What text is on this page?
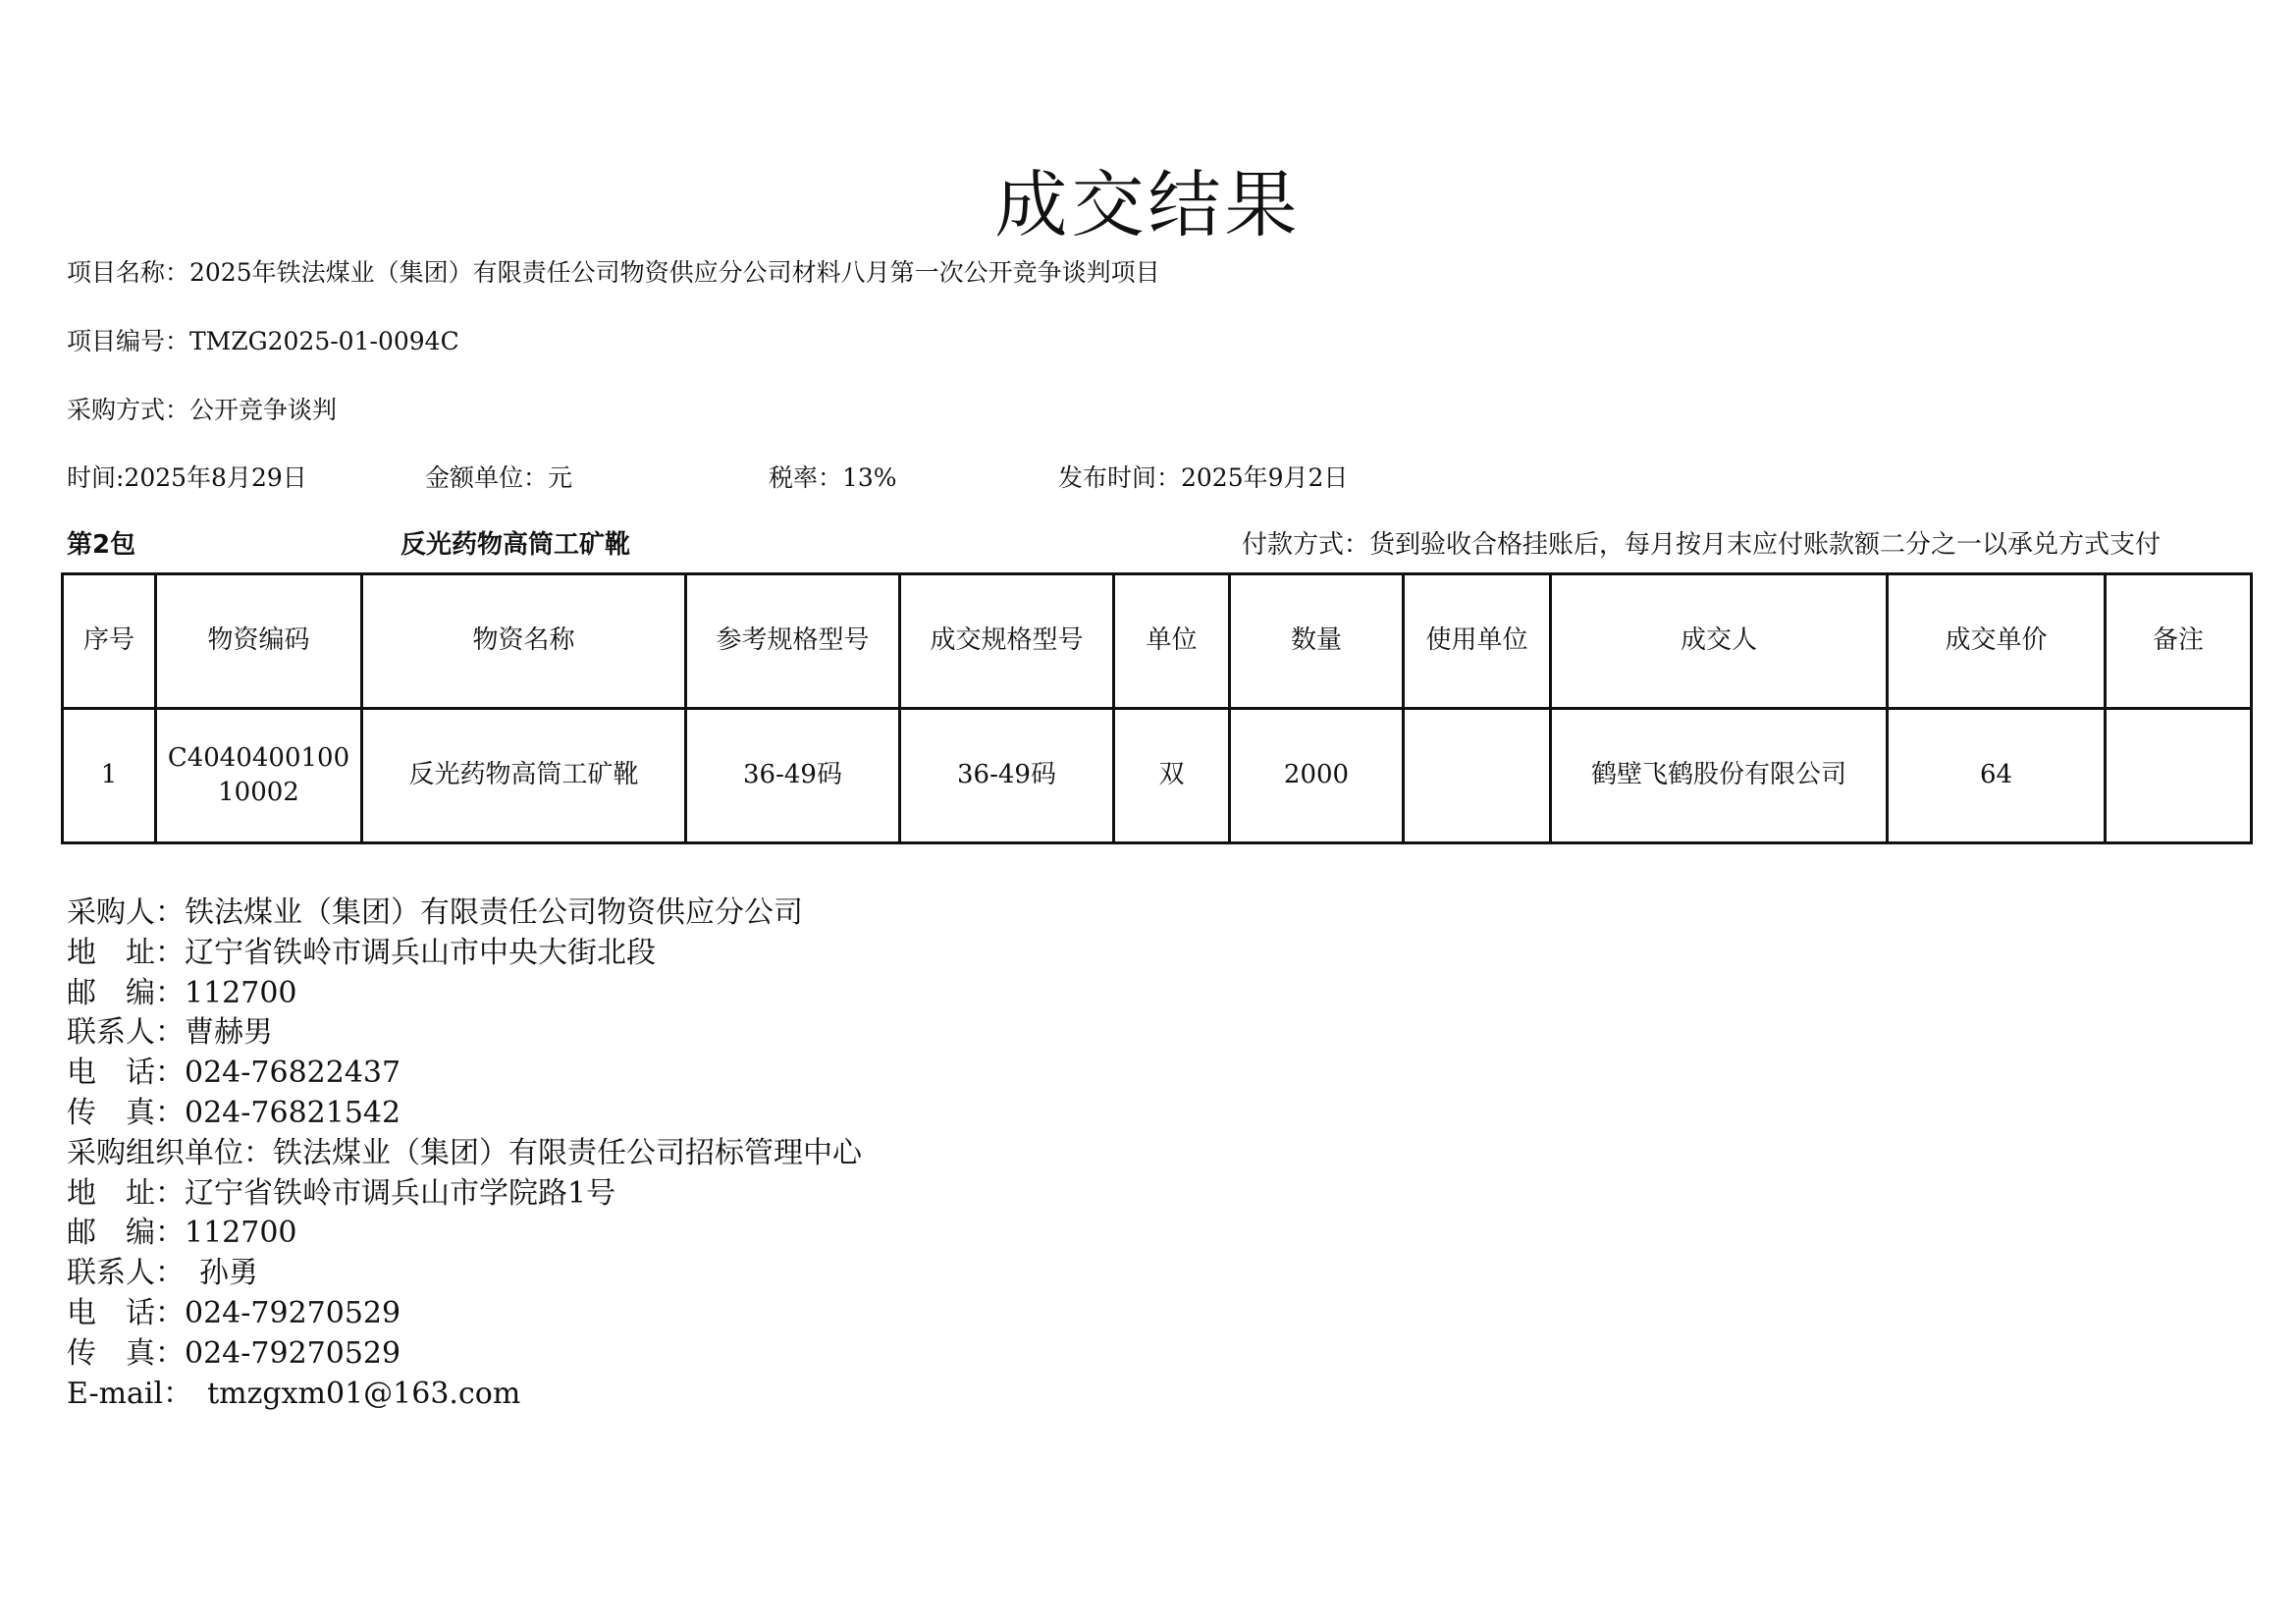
成交结果
项目名称：2025年铁法煤业（集团）有限责任公司物资供应分公司材料八月第一次公开竞争谈判项目
项目编号：TMZG2025-01-0094C
采购方式：公开竞争谈判
时间:2025年8月29日	金额单位：元	税率：13%	发布时间：2025年9月2日
第2包	反光药物高筒工矿靴	付款方式：货到验收合格挂账后，每月按月末应付账款额二分之一以承兑方式支付
序号	物资编码	物资名称	参考规格型号	成交规格型号	单位	数量	使用单位	成交人	成交单价	备注
1	C404040010010002	反光药物高筒工矿靴	36-49码	36-49码	双	2000		鹤壁飞鹤股份有限公司	64	
采购人：铁法煤业（集团）有限责任公司物资供应分公司
地　址：辽宁省铁岭市调兵山市中央大街北段
邮　编：112700
联系人：曹赫男
电　话：024-76822437
传　真：024-76821542
采购组织单位：铁法煤业（集团）有限责任公司招标管理中心
地　址：辽宁省铁岭市调兵山市学院路1号
邮　编：112700
联系人：　孙勇
电　话：024-79270529
传　真：024-79270529
E-mail：　tmzgxm01@163.com
